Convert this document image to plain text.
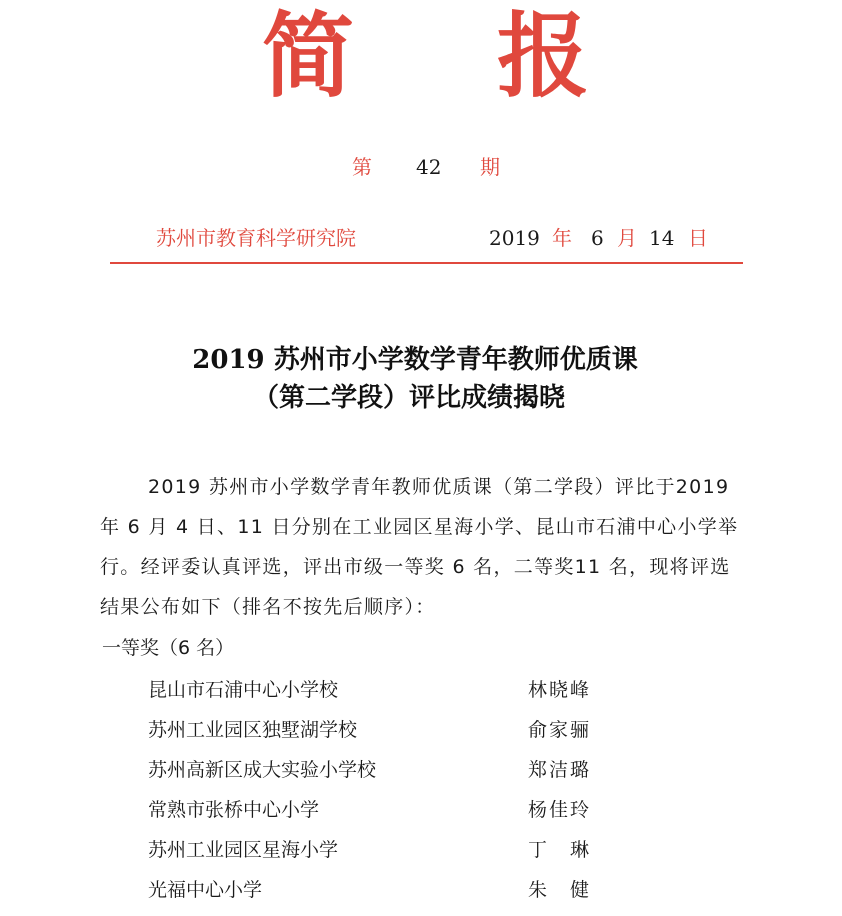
简 报
第 42 期
苏州市教育科学研究院	2019 年 6 月 14 日
2019 苏州市小学数学青年教师优质课
（第二学段）评比成绩揭晓
2019 苏州市小学数学青年教师优质课（第二学段）评比于2019 年 6 月 4 日、11 日分别在工业园区星海小学、昆山市石浦中心小学举行。经评委认真评选，评出市级一等奖 6 名，二等奖11 名，现将评选结果公布如下（排名不按先后顺序）：
一等奖（6 名）
昆山市石浦中心小学校	林晓峰
苏州工业园区独墅湖学校	俞家骊
苏州高新区成大实验小学校	郑洁璐
常熟市张桥中心小学	杨佳玲
苏州工业园区星海小学	丁　琳
光福中心小学	朱　健
